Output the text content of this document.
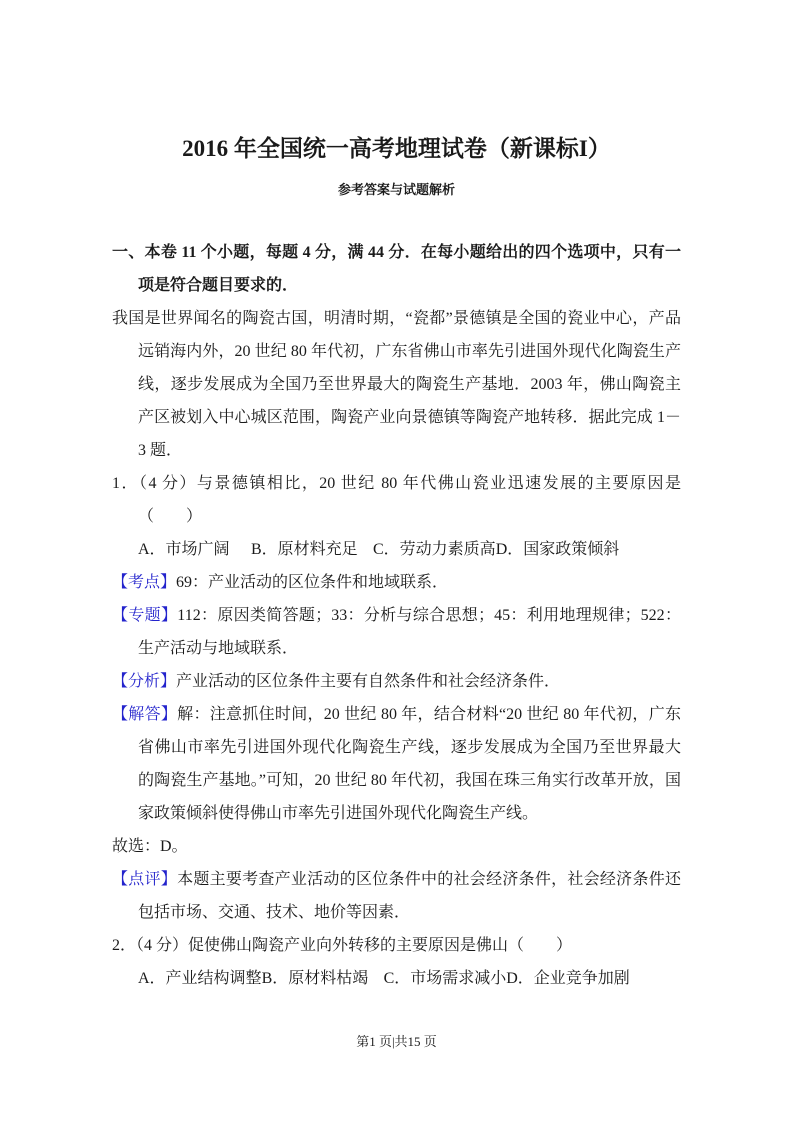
2016 年全国统一高考地理试卷（新课标I）
参考答案与试题解析

一、本卷 11 个小题，每题 4 分，满 44 分．在每小题给出的四个选项中，只有一项是符合题目要求的．

我国是世界闻名的陶瓷古国，明清时期，“瓷都”景德镇是全国的瓷业中心，产品远销海内外，20 世纪 80 年代初，广东省佛山市率先引进国外现代化陶瓷生产线，逐步发展成为全国乃至世界最大的陶瓷生产基地．2003 年，佛山陶瓷主产区被划入中心城区范围，陶瓷产业向景德镇等陶瓷产地转移．据此完成 1－3 题．

1．（4 分）与景德镇相比，20 世纪 80 年代佛山瓷业迅速发展的主要原因是（　　）

A．市场广阔	B．原材料充足 C．劳动力素质高 D．国家政策倾斜

【考点】69：产业活动的区位条件和地域联系．

【专题】112：原因类简答题；33：分析与综合思想；45：利用地理规律；522：生产活动与地域联系．

【分析】产业活动的区位条件主要有自然条件和社会经济条件．

【解答】解：注意抓住时间，20 世纪 80 年，结合材料“20 世纪 80 年代初，广东省佛山市率先引进国外现代化陶瓷生产线，逐步发展成为全国乃至世界最大的陶瓷生产基地。”可知，20 世纪 80 年代初，我国在珠三角实行改革开放，国家政策倾斜使得佛山市率先引进国外现代化陶瓷生产线。

故选：D。

【点评】本题主要考查产业活动的区位条件中的社会经济条件，社会经济条件还包括市场、交通、技术、地价等因素．

2．（4 分）促使佛山陶瓷产业向外转移的主要原因是佛山（　　）

A．产业结构调整 B．原材料枯竭 C．市场需求减小 D．企业竞争加剧
第1 页|共15 页
